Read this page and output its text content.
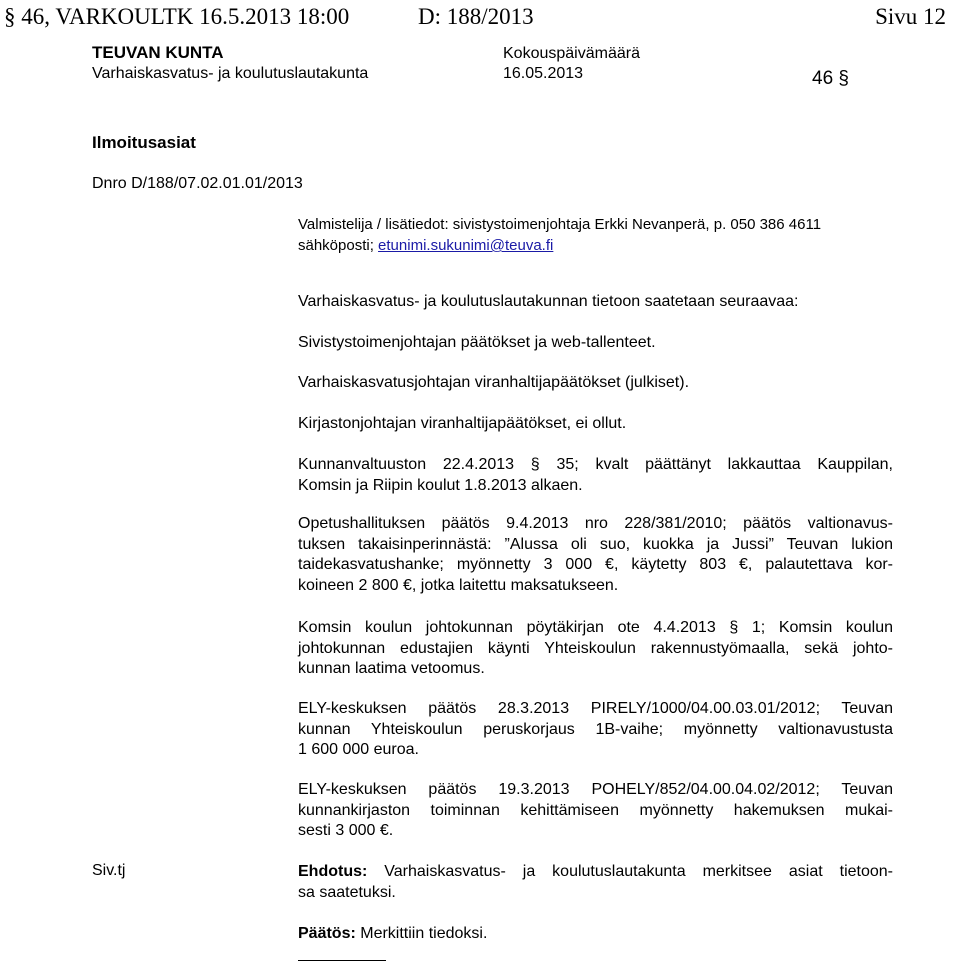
§ 46, VARKOULTK 16.5.2013 18:00	D: 188/2013	Sivu 12
TEUVAN KUNTA
Varhaiskasvatus- ja koulutuslautakunta
Kokouspäivämäärä
16.05.2013	46 §
Ilmoitusasiat
Dnro D/188/07.02.01.01/2013
Valmistelija / lisätiedot: sivistystoimenjohtaja Erkki Nevanperä, p. 050 386 4611
sähköposti; etunimi.sukunimi@teuva.fi
Varhaiskasvatus- ja koulutuslautakunnan tietoon saatetaan seuraavaa:
Sivistystoimenjohtajan päätökset ja web-tallenteet.
Varhaiskasvatusjohtajan viranhaltijapäätökset (julkiset).
Kirjastonjohtajan viranhaltijapäätökset, ei ollut.
Kunnanvaltuuston 22.4.2013 § 35; kvalt päättänyt lakkauttaa Kauppilan,
Komsin ja Riipin koulut 1.8.2013 alkaen.
Opetushallituksen päätös 9.4.2013 nro 228/381/2010; päätös valtionavus-
tuksen takaisinperinnästä: ”Alussa oli suo, kuokka ja Jussi” Teuvan lukion
taidekasvatushanke; myönnetty 3 000 €, käytetty 803 €, palautettava kor-
koineen 2 800 €, jotka laitettu maksatukseen.
Komsin koulun johtokunnan pöytäkirjan ote 4.4.2013 § 1; Komsin koulun
johtokunnan edustajien käynti Yhteiskoulun rakennustyömaalla, sekä johto-
kunnan laatima vetoomus.
ELY-keskuksen päätös 28.3.2013 PIRELY/1000/04.00.03.01/2012; Teuvan
kunnan Yhteiskoulun peruskorjaus 1B-vaihe; myönnetty valtionavustusta
1 600 000 euroa.
ELY-keskuksen päätös 19.3.2013 POHELY/852/04.00.04.02/2012; Teuvan
kunnankirjaston toiminnan kehittämiseen myönnetty hakemuksen mukai-
sesti 3 000 €.
Siv.tj	Ehdotus: Varhaiskasvatus- ja koulutuslautakunta merkitsee asiat tietoon-
sa saatetuksi.
Päätös: Merkittiin tiedoksi.
